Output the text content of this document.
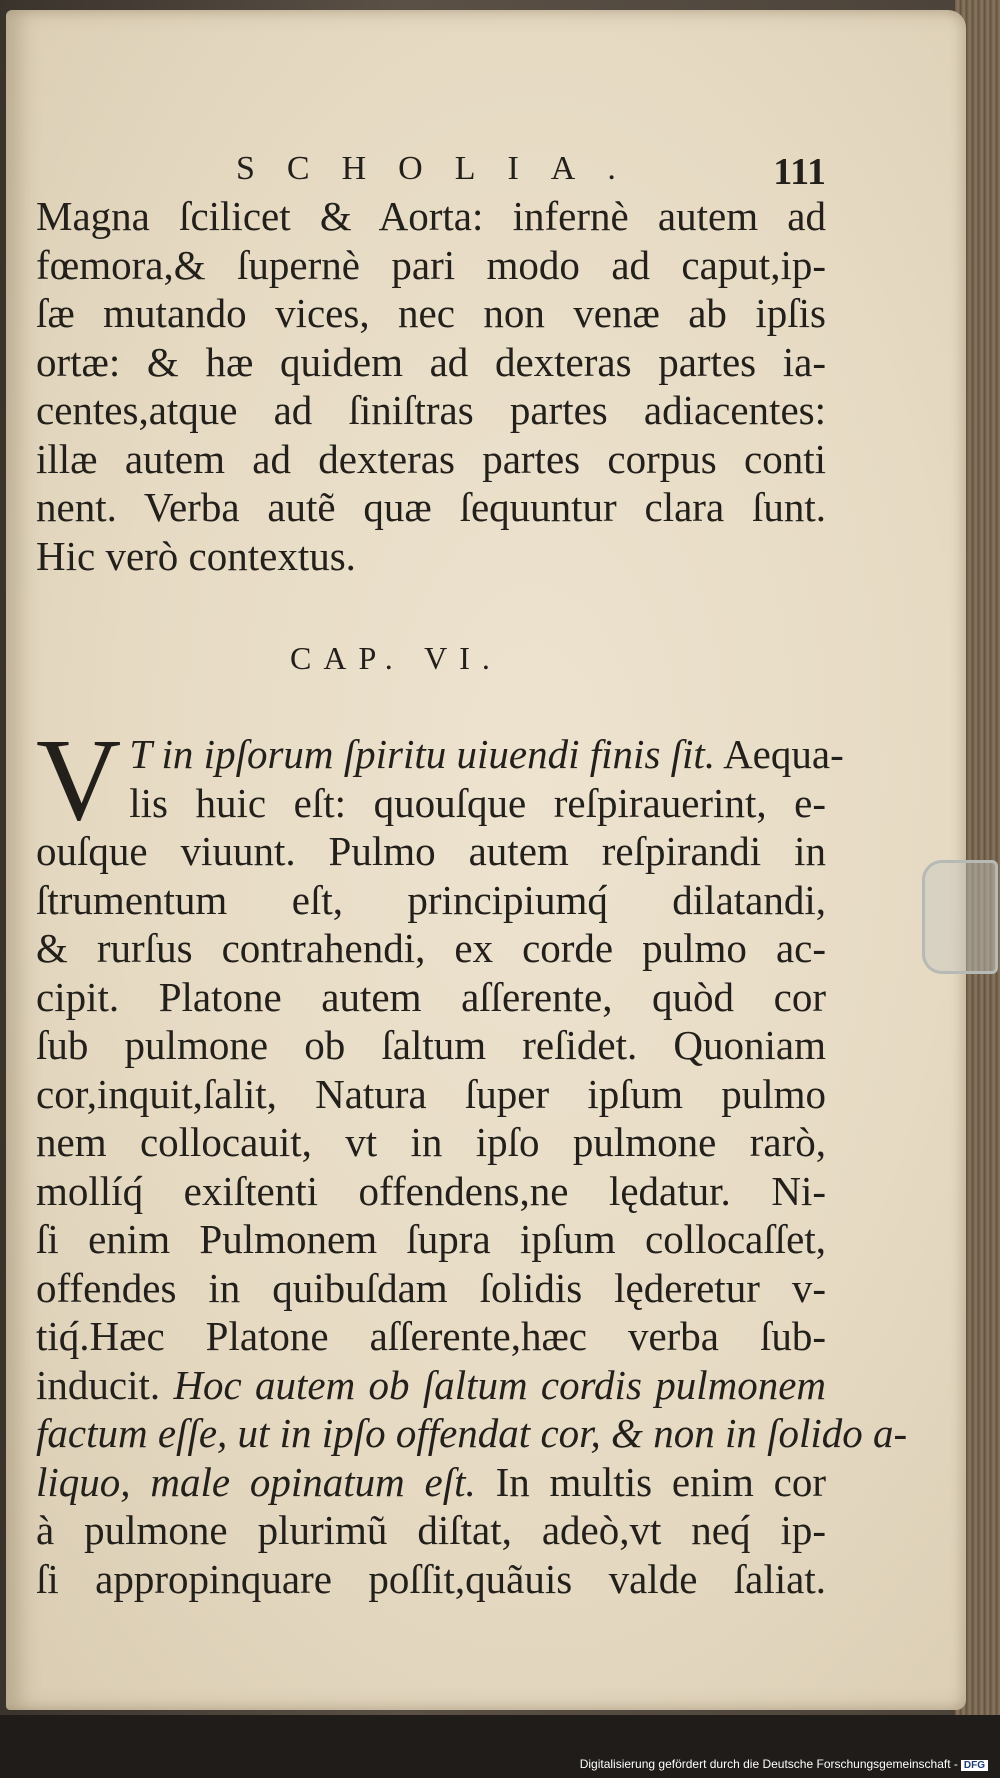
SCHOLIA.	111
Magna ſcilicet & Aorta: infernè autem ad
fœmora,& ſupernè pari modo ad caput,ip-
ſæ mutando vices, nec non venæ ab ipſis
ortæ: & hæ quidem ad dexteras partes ia-
centes,atque ad ſiniſtras partes adiacentes:
illæ autem ad dexteras partes corpus conti
nent. Verba autẽ quæ ſequuntur clara ſunt.
Hic verò contextus.
CAP. VI.
V T in ipſorum ſpiritu uiuendi finis ſit. Aequa-
lis huic eſt: quouſque reſpirauerint, e-
ouſque viuunt. Pulmo autem reſpirandi in
ſtrumentum eſt, principiumq́ dilatandi,
& rurſus contrahendi, ex corde pulmo ac-
cipit. Platone autem aſſerente, quòd cor
ſub pulmone ob ſaltum reſidet. Quoniam
cor,inquit,ſalit, Natura ſuper ipſum pulmo
nem collocauit, vt in ipſo pulmone rarò,
mollíq́ exiſtenti offendens,ne lędatur. Ni-
ſi enim Pulmonem ſupra ipſum collocaſſet,
offendes in quibuſdam ſolidis lęderetur v-
tiq́.Hæc Platone aſſerente,hæc verba ſub-
inducit. Hoc autem ob ſaltum cordis pulmonem
factum eſſe, ut in ipſo offendat cor, & non in ſolido a-
liquo, male opinatum eſt. In multis enim cor
à pulmone plurimũ diſtat, adeò,vt neq́ ip-
ſi appropinquare poſſit,quãuis valde ſaliat.
Digitalisierung gefördert durch die Deutsche Forschungsgemeinschaft - DFG
